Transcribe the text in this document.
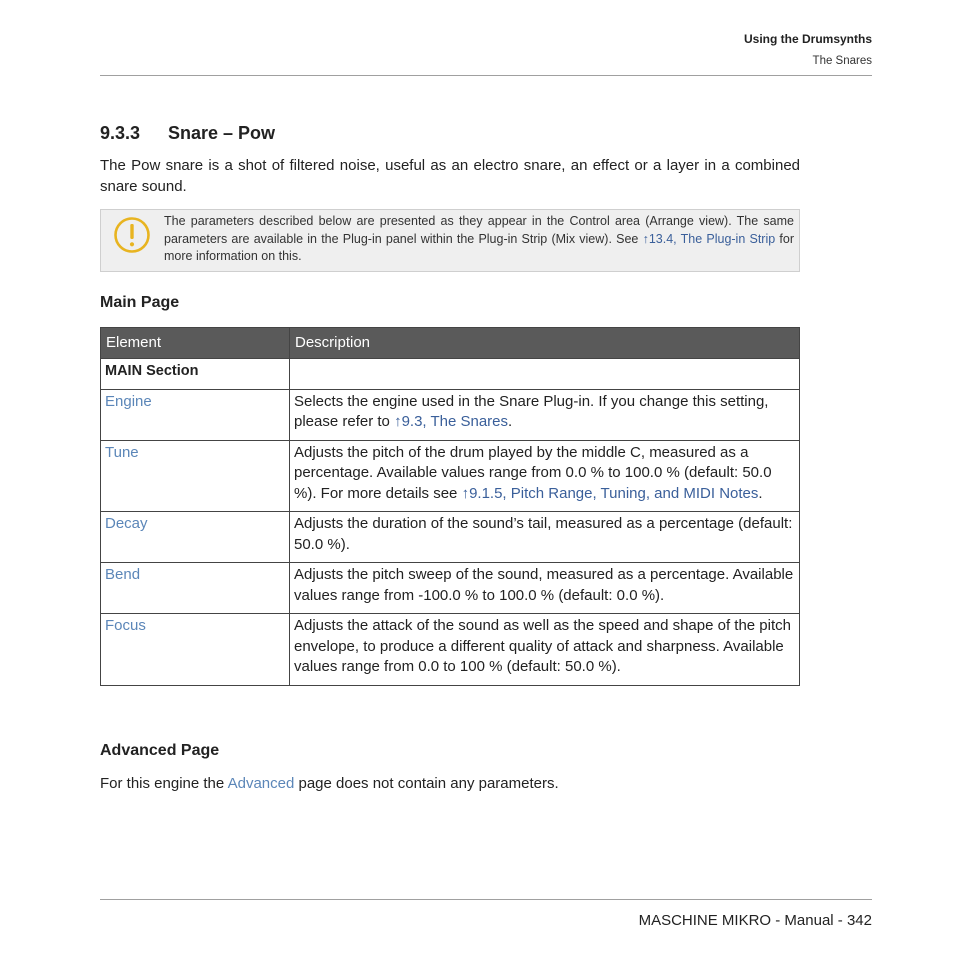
Using the Drumsynths
The Snares
9.3.3 Snare – Pow
The Pow snare is a shot of filtered noise, useful as an electro snare, an effect or a layer in a combined snare sound.
The parameters described below are presented as they appear in the Control area (Arrange view). The same parameters are available in the Plug-in panel within the Plug-in Strip (Mix view). See ↑13.4, The Plug-in Strip for more information on this.
Main Page
Element	Description
MAIN Section	
Engine	Selects the engine used in the Snare Plug-in. If you change this setting, please refer to ↑9.3, The Snares.
Tune	Adjusts the pitch of the drum played by the middle C, measured as a percentage. Available values range from 0.0 % to 100.0 % (default: 50.0 %). For more details see ↑9.1.5, Pitch Range, Tuning, and MIDI Notes.
Decay	Adjusts the duration of the sound’s tail, measured as a percentage (default: 50.0 %).
Bend	Adjusts the pitch sweep of the sound, measured as a percentage. Available values range from -100.0 % to 100.0 % (default: 0.0 %).
Focus	Adjusts the attack of the sound as well as the speed and shape of the pitch envelope, to produce a different quality of attack and sharpness. Available values range from 0.0 to 100 % (default: 50.0 %).
Advanced Page
For this engine the Advanced page does not contain any parameters.
MASCHINE MIKRO - Manual - 342
